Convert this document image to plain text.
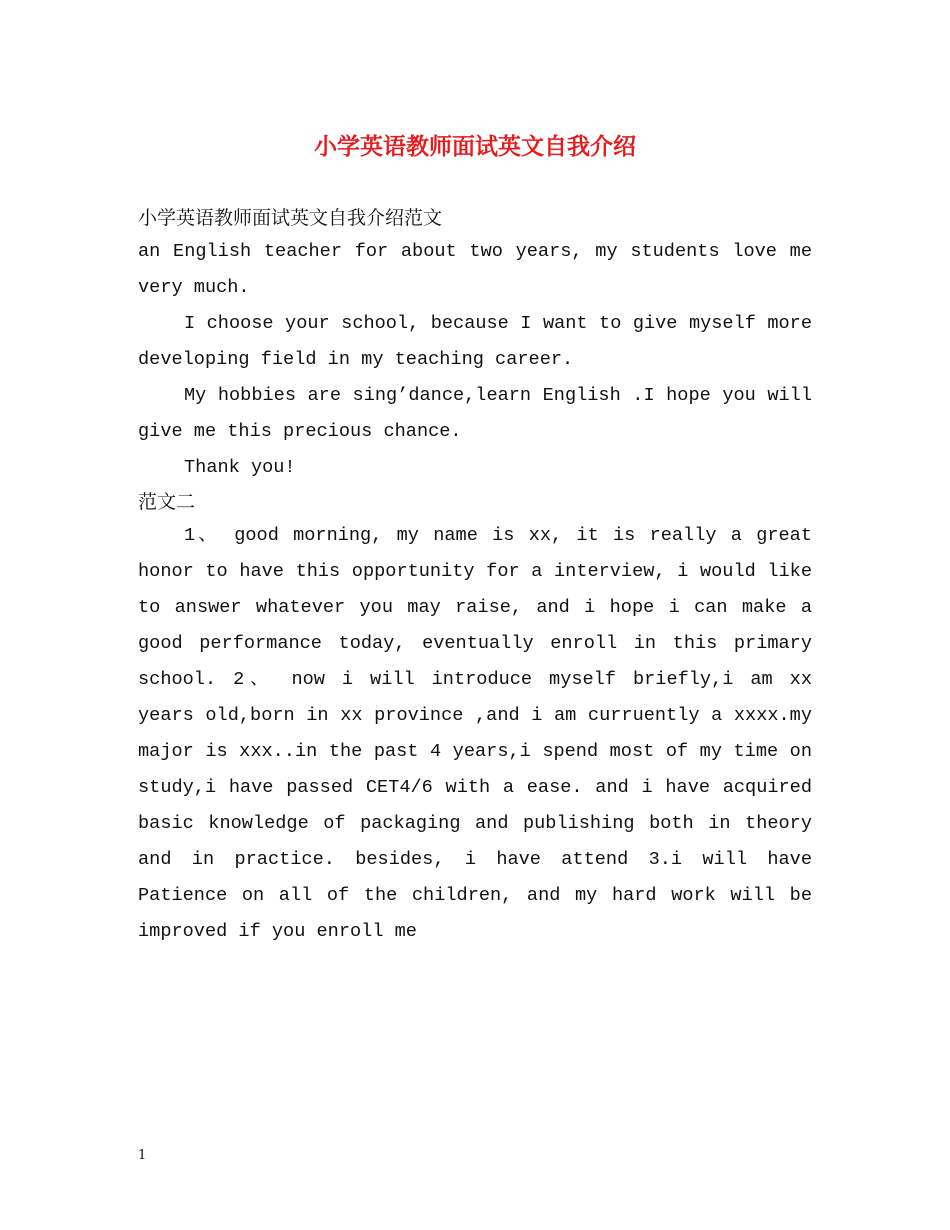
小学英语教师面试英文自我介绍

小学英语教师面试英文自我介绍范文

an English teacher for about two years, my students love me very much.

I choose your school, because I want to give myself more developing field in my teaching career.

My hobbies are sing’dance,learn English .I hope you will give me this precious chance.

Thank you!

范文二

1、 good morning, my name is xx, it is really a great honor to have this opportunity for a interview, i would like to answer whatever you may raise, and i hope i can make a good performance today, eventually enroll in this primary school. 2、 now i will introduce myself briefly,i am xx years old,born in xx province ,and i am curruently a xxxx.my major is xxx..in the past 4 years,i spend most of my time on study,i have passed CET4/6 with a ease. and i have acquired basic knowledge of packaging and publishing both in theory and in practice. besides, i have attend 3.i will have Patience on all of the children, and my hard work will be improved if you enroll me

1
